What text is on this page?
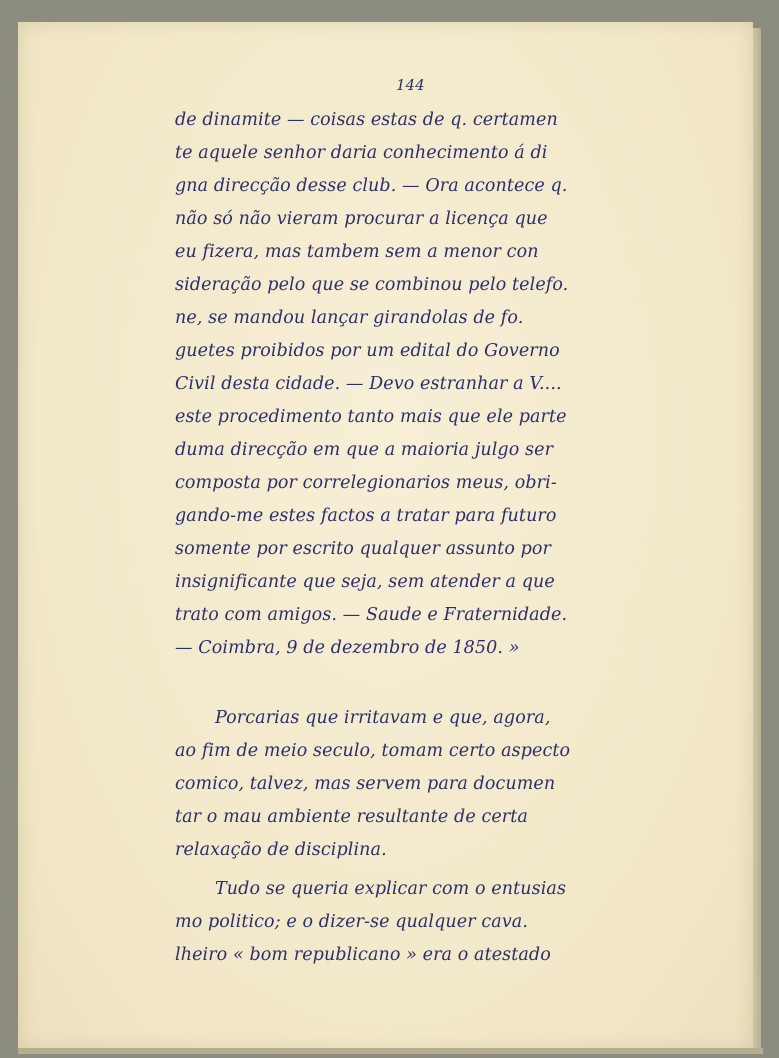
144
de dinamite — coisas estas de q. certamen
te aquele senhor daria conhecimento á di
gna direcção desse club. — Ora acontece q.
não só não vieram procurar a licença que
eu fizera, mas tambem sem a menor con
sideração pelo que se combinou pelo telefo.
ne, se mandou lançar girandolas de fo.
guetes proibidos por um edital do Governo
Civil desta cidade. — Devo estranhar a V....
este procedimento tanto mais que ele parte
duma direcção em que a maioria julgo ser
composta por correlegionarios meus, obri-
gando-me estes factos a tratar para futuro
somente por escrito qualquer assunto por
insignificante que seja, sem atender a que
trato com amigos. — Saude e Fraternidade.
— Coimbra, 9 de dezembro de 1850. »
Porcarias que irritavam e que, agora,
ao fim de meio seculo, tomam certo aspecto
comico, talvez, mas servem para documen
tar o mau ambiente resultante de certa
relaxação de disciplina.
Tudo se queria explicar com o entusias
mo politico; e o dizer-se qualquer cava.
lheiro « bom republicano » era o atestado
